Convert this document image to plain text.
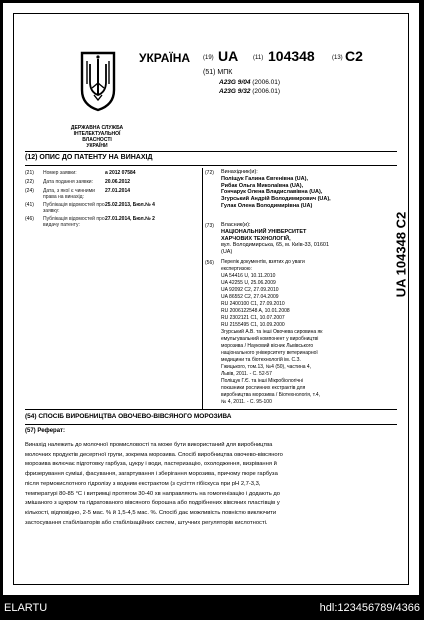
ДЕРЖАВНА СЛУЖБА
ІНТЕЛЕКТУАЛЬНОЇ
ВЛАСНОСТІ
УКРАЇНИ
УКРАЇНА (19) UA (11) 104348	(13) C2
(51) МПК
A23G 9/04 (2006.01)
A23G 9/32 (2006.01)
(12) ОПИС ДО ПАТЕНТУ НА ВИНАХІД
(21)	Номер заявки:	а 2012 07584
(22)	Дата подання заявки:	20.06.2012
(24)	Дата, з якої є чинними права на винахід:
27.01.2014
(41)	Публікація відомостей про заявку:
25.02.2013, Бюл.№ 4
(46)	Публікація відомостей про видачу патенту:
27.01.2014, Бюл.№ 2
(72) Винахідник(и):
Поліщук Галина Євгенівна (UA),
Рибак Ольга Миколаївна (UA),
Гончарук Олена Владиславівна (UA),
Згурський Андрій Володимирович (UA),
Гулак Олена Володимирівна (UA)
(73) Власник(и):
НАЦІОНАЛЬНИЙ УНІВЕРСИТЕТ
ХАРЧОВИХ ТЕХНОЛОГІЙ,
вул. Володимирська, 65, м. Київ-33, 01601
(UA)
(56) Перелік документів, взятих до уваги
експертизою:
UA 54416 U, 10.11.2010
UA 42255 U, 25.06.2009
UA 92092 C2, 27.09.2010
UA 86552 C2, 27.04.2009
RU 2400100 C1, 27.09.2010
RU 2006122548 A, 10.01.2008
RU 2302121 C1, 10.07.2007
RU 2155495 C1, 10.09.2000
Згурський А.В. та інші Овочева сировина як
емульгувальний компонент у виробництві
морозива / Науковий вісник Львівського
національного університету ветеринарної
медицини та біотехнологій ім. С.З.
Гжицького, том.13, №4 (50), частина 4,
Львів, 2011. - С. 52-57
Поліщук Г.Є. та інші Мікробіологічні
показники рослинних екстрактів для
виробництва морозива / Біотехнологія, т.4,
№ 4, 2011. - С. 95-100
UA 104348 C2
(54) СПОСІБ ВИРОБНИЦТВА ОВОЧЕВО-ВІВСЯНОГО МОРОЗИВА
(57) Реферат:
Винахід належить до молочної промисловості та може бути використаний для виробництва
молочних продуктів десертної групи, зокрема морозива. Спосіб виробництва овочево-вівсяного
морозива включає підготовку гарбуза, цукру і води, пастеризацію, охолодження, визрівання й
фризерування суміші, фасування, загартування і зберігання морозива, причому пюре гарбуза
після термокислотного гідролізу з водним екстрактом (з сусіття гібіскуса при pH 2,7-3,3,
температурі 80-85 °С і витримці протягом 30-40 хв направляють на гомогенізацію і додають до
змішаного з цукром та гідратованого вівсяного борошна або подрібнених вівсяних пластівців у
кількості, відповідно, 2-5 мас. % й 1,5-4,5 мас. %. Спосіб дає можливість повністю виключити
застосування стабілізаторів або стабілізаційних систем, штучних регуляторів кислотності.
ELARTU	hdl:123456789/4366
